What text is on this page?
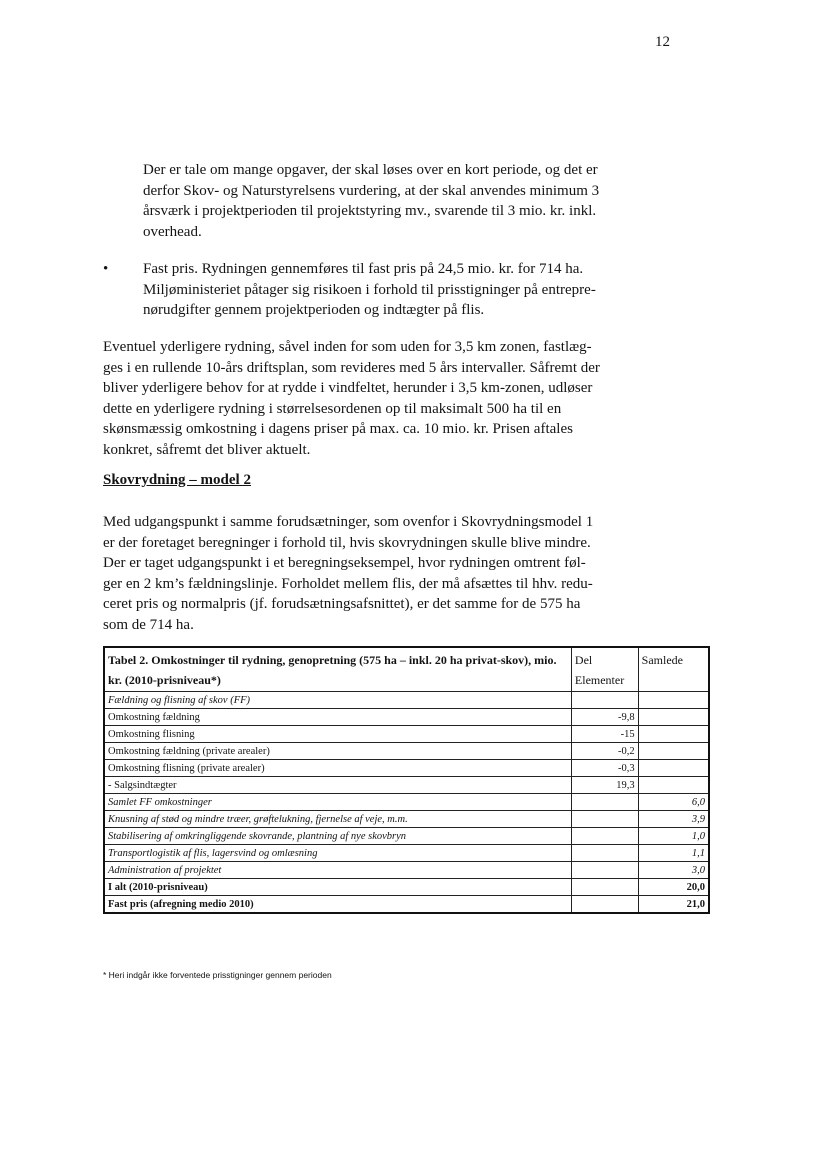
12

Der er tale om mange opgaver, der skal løses over en kort periode, og det er
derfor Skov- og Naturstyrelsens vurdering, at der skal anvendes minimum 3
årsværk i projektperioden til projektstyring mv., svarende til 3 mio. kr. inkl.
overhead.

• Fast pris. Rydningen gennemføres til fast pris på 24,5 mio. kr. for 714 ha.
Miljøministeriet påtager sig risikoen i forhold til prisstigninger på entrepre-
nørudgifter gennem projektperioden og indtægter på flis.

Eventuel yderligere rydning, såvel inden for som uden for 3,5 km zonen, fastlæg-
ges i en rullende 10-års driftsplan, som revideres med 5 års intervaller. Såfremt der
bliver yderligere behov for at rydde i vindfeltet, herunder i 3,5 km-zonen, udløser
dette en yderligere rydning i størrelsesordenen op til maksimalt 500 ha til en
skønsmæssig omkostning i dagens priser på max. ca. 10 mio. kr. Prisen aftales
konkret, såfremt det bliver aktuelt.

Skovrydning – model 2

Med udgangspunkt i samme forudsætninger, som ovenfor i Skovrydningsmodel 1
er der foretaget beregninger i forhold til, hvis skovrydningen skulle blive mindre.
Der er taget udgangspunkt i et beregningseksempel, hvor rydningen omtrent føl-
ger en 2 km’s fældningslinje. Forholdet mellem flis, der må afsættes til hhv. redu-
ceret pris og normalpris (jf. forudsætningsafsnittet), er det samme for de 575 ha
som de 714 ha.

Tabel 2. Omkostninger til rydning, genopretning (575 ha – inkl. 20 ha privat-skov), mio. kr. (2010-prisniveau*)	Del Elementer	Samlede
Fældning og flisning af skov (FF)		
Omkostning fældning	-9,8	
Omkostning flisning	-15	
Omkostning fældning (private arealer)	-0,2	
Omkostning flisning (private arealer)	-0,3	
- Salgsindtægter	19,3	
Samlet FF omkostninger		6,0
Knusning af stød og mindre træer, grøftelukning, fjernelse af veje, m.m.		3,9
Stabilisering af omkringliggende skovrande, plantning af nye skovbryn		1,0
Transportlogistik af flis, lagersvind og omlæsning		1,1
Administration af projektet		3,0
I alt (2010-prisniveau)		20,0
Fast pris (afregning medio 2010)		21,0
* Heri indgår ikke forventede prisstigninger gennem perioden
